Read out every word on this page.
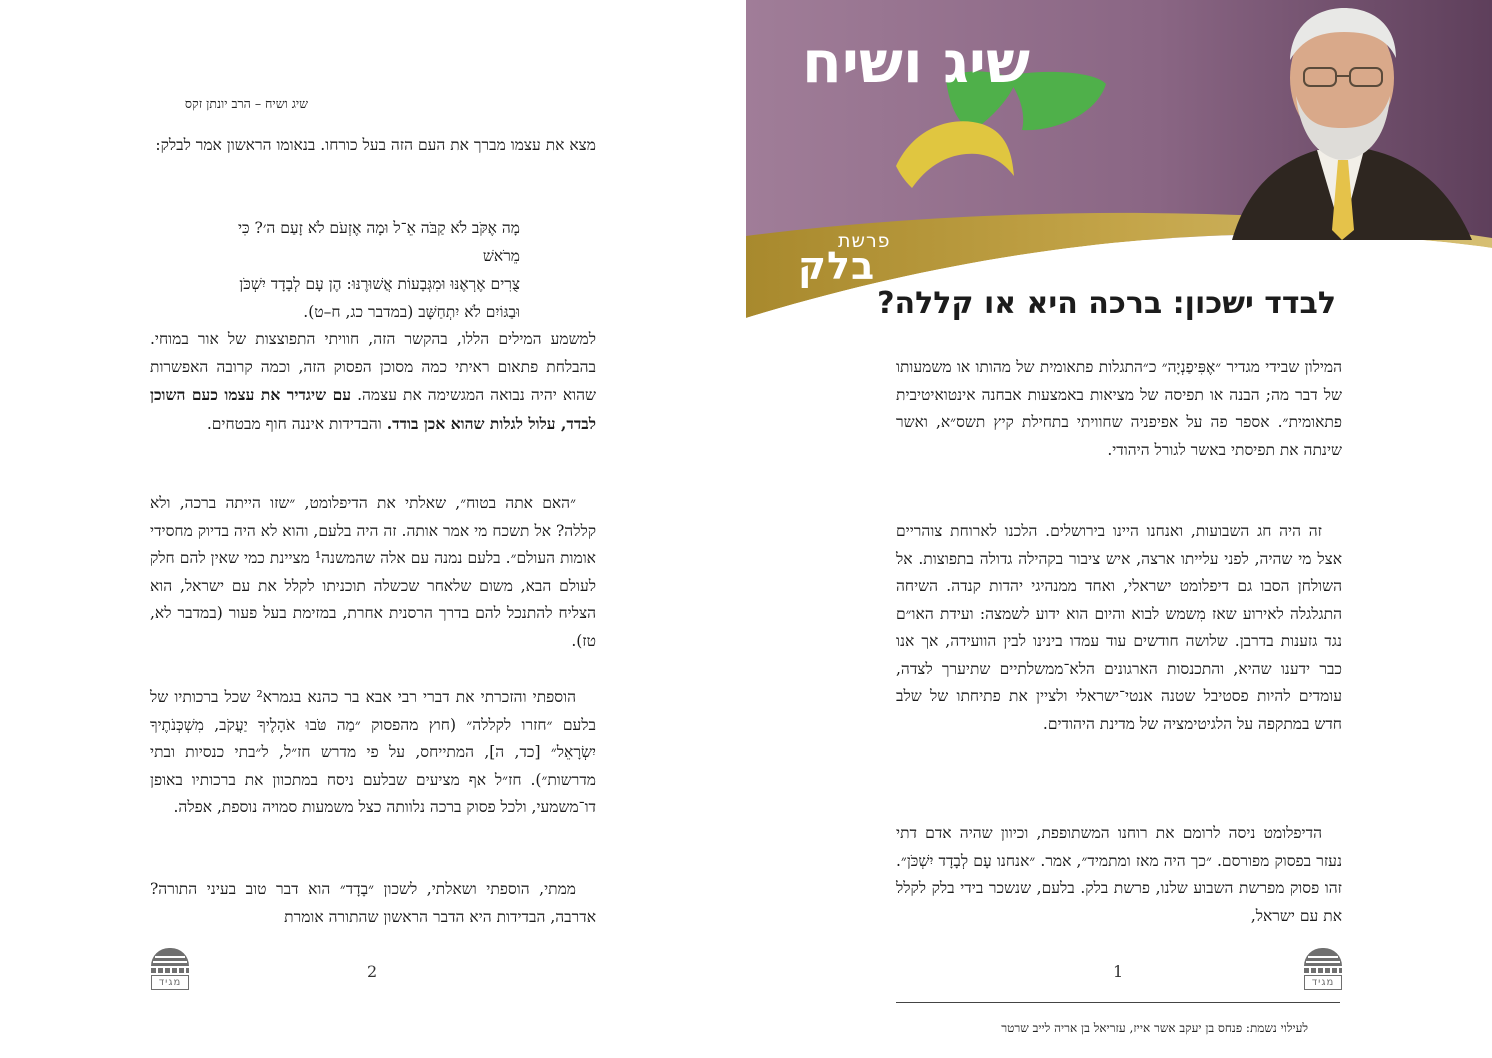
שיג ושיח – הרב יונתן זקס

מצא את עצמו מברך את העם הזה בעל כורחו. בנאומו הראשון אמר לבלק:

מָה אֶקֹּב לֹא קַבֹּה אֵ־ל וּמָה אֶזְעֹם לֹא זָעַם ה׳? כִּי מֵרֹאשׁ
צֻרִים אֶרְאֶנּוּ וּמִגְּבָעוֹת אֲשׁוּרֶנּוּ: הֶן עָם לְבָדָד יִשְׁכֹּן
וּבַגּוֹיִם לֹא יִתְחַשָּׁב (במדבר כג, ח–ט).

למשמע המילים הללו, בהקשר הזה, חוויתי התפוצצות של אור במוחי. בהבלחת פתאום ראיתי כמה מסוכן הפסוק הזה, וכמה קרובה האפשרות שהוא יהיה נבואה המגשימה את עצמה. עם שיגדיר את עצמו כעם השוכן לבדד, עלול לגלות שהוא אכן בודד. והבדידות איננה חוף מבטחים.

״האם אתה בטוח״, שאלתי את הדיפלומט, ״שזו הייתה ברכה, ולא קללה? אל תשכח מי אמר אותה. זה היה בלעם, והוא לא היה בדיוק מחסידי אומות העולם״. בלעם נמנה עם אלה שהמשנה¹ מציינת כמי שאין להם חלק לעולם הבא, משום שלאחר שכשלה תוכניתו לקלל את עם ישראל, הוא הצליח להתנכל להם בדרך הרסנית אחרת, במזימת בעל פעור (במדבר לא, טז).

הוספתי והזכרתי את דברי רבי אבא בר כהנא בגמרא² שכל ברכותיו של בלעם ״חזרו לקללה״ (חוץ מהפסוק ״מַה טֹּבוּ אֹהָלֶיךָ יַעֲקֹב, מִשְׁכְּנֹתֶיךָ יִשְׂרָאֵל״ [כד, ה], המתייחס, על פי מדרש חז״ל, ל״בתי כנסיות ובתי מדרשות״). חז״ל אף מציעים שבלעם ניסח במתכוון את ברכותיו באופן דו־משמעי, ולכל פסוק ברכה נלוותה כצל משמעות סמויה נוספת, אפלה.

ממתי, הוספתי ושאלתי, לשכון ״בָדָד״ הוא דבר טוב בעיני התורה? אדרבה, הבדידות היא הדבר הראשון שהתורה אומרת

2
מגיד
שיג ושיח
פרשת
בלק
לבדד ישכון: ברכה היא או קללה?

המילון שבידי מגדיר ״אֶפִּיפַנְיָה״ כ״התגלות פתאומית של מהותו או משמעותו של דבר מה; הבנה או תפיסה של מציאות באמצעות אבחנה אינטואיטיבית פתאומית״. אספר פה על אפיפניה שחוויתי בתחילת קיץ תשס״א, ואשר שינתה את תפיסתי באשר לגורל היהודי.

זה היה חג השבועות, ואנחנו היינו בירושלים. הלכנו לארוחת צוהריים אצל מי שהיה, לפני עלייתו ארצה, איש ציבור בקהילה גדולה בתפוצות. אל השולחן הסבו גם דיפלומט ישראלי, ואחד ממנהיגי יהדות קנדה. השיחה התגלגלה לאירוע שאז מִשמש לבוא והיום הוא ידוע לשמצה: ועידת האו״ם נגד גזענות בדרבן. שלושה חודשים עוד עמדו בינינו לבין הוועידה, אך אנו כבר ידענו שהיא, והתכנסות הארגונים הלא־ממשלתיים שתיערך לצדה, עומדים להיות פסטיבל שטנה אנטי־ישראלי ולציין את פתיחתו של שלב חדש במתקפה על הלגיטימציה של מדינת היהודים.

הדיפלומט ניסה לרומם את רוחנו המשתופפת, וכיוון שהיה אדם דתי נעזר בפסוק מפורסם. ״כך היה מאז ומתמיד״, אמר. ״אנחנו עָם לְבָדָד יִשְׁכֹּן״. זהו פסוק מפרשת השבוע שלנו, פרשת בלק. בלעם, שנשכר בידי בלק לקלל את עם ישראל,

1
מגיד
לעילוי נשמת: פנחס בן יעקב אשר אייז, עזריאל בן אריה לייב שרטר
